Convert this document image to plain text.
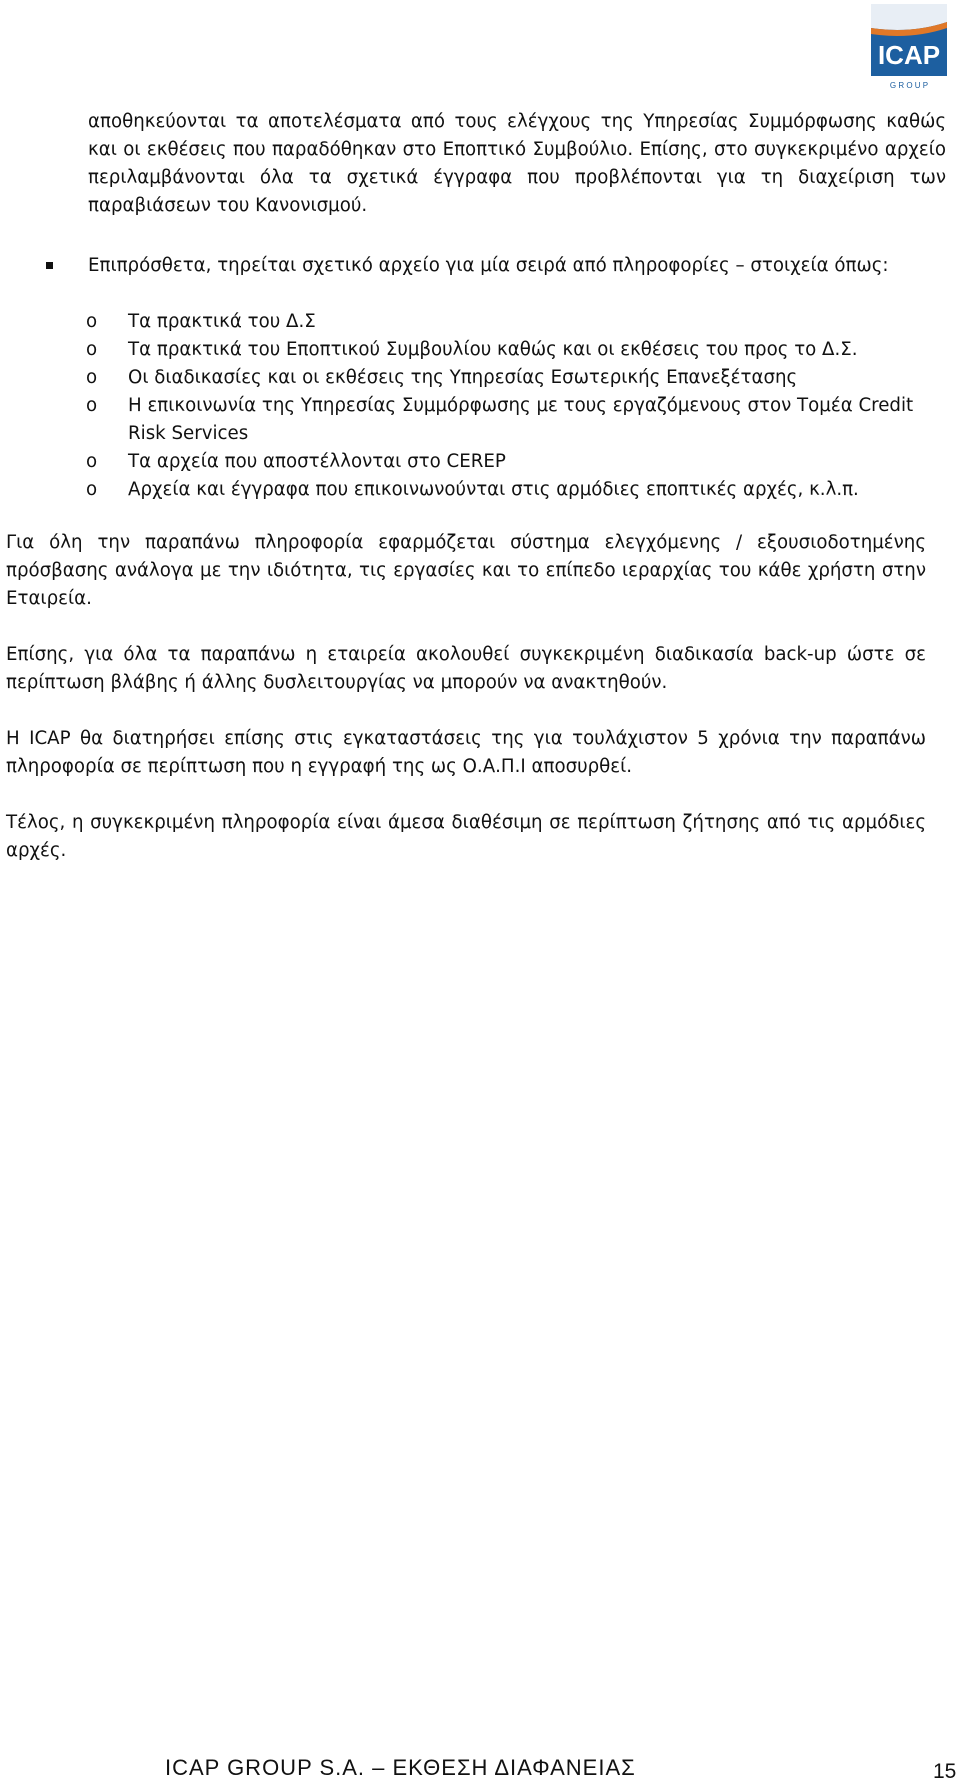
ICAP
G R O U P

αποθηκεύονται τα αποτελέσματα από τους ελέγχους της Υπηρεσίας Συμμόρφωσης καθώς και οι εκθέσεις που παραδόθηκαν στο Εποπτικό Συμβούλιο. Επίσης, στο συγκεκριμένο αρχείο περιλαμβάνονται όλα τα σχετικά έγγραφα που προβλέπονται για τη διαχείριση των παραβιάσεων του Κανονισμού.

Επιπρόσθετα, τηρείται σχετικό αρχείο για μία σειρά από πληροφορίες – στοιχεία όπως:

o Τα πρακτικά του Δ.Σ
o Τα πρακτικά του Εποπτικού Συμβουλίου καθώς και οι εκθέσεις του προς το Δ.Σ.
o Οι διαδικασίες και οι εκθέσεις της Υπηρεσίας Εσωτερικής Επανεξέτασης
o Η επικοινωνία της Υπηρεσίας Συμμόρφωσης με τους εργαζόμενους στον Τομέα Credit Risk Services
o Τα αρχεία που αποστέλλονται στο CEREP
o Αρχεία και έγγραφα που επικοινωνούνται στις αρμόδιες εποπτικές αρχές, κ.λ.π.

Για όλη την παραπάνω πληροφορία εφαρμόζεται σύστημα ελεγχόμενης / εξουσιοδοτημένης πρόσβασης ανάλογα με την ιδιότητα, τις εργασίες και το επίπεδο ιεραρχίας του κάθε χρήστη στην Εταιρεία.

Επίσης, για όλα τα παραπάνω η εταιρεία ακολουθεί συγκεκριμένη διαδικασία back-up ώστε σε περίπτωση βλάβης ή άλλης δυσλειτουργίας να μπορούν να ανακτηθούν.

Η ICAP θα διατηρήσει επίσης στις εγκαταστάσεις της για τουλάχιστον 5 χρόνια την παραπάνω πληροφορία σε περίπτωση που η εγγραφή της ως Ο.Α.Π.Ι αποσυρθεί.

Τέλος, η συγκεκριμένη πληροφορία είναι άμεσα διαθέσιμη σε περίπτωση ζήτησης από τις αρμόδιες αρχές.

ICAP GROUP S.A. – ΕΚΘΕΣΗ ΔΙΑΦΑΝΕΙΑΣ	15
